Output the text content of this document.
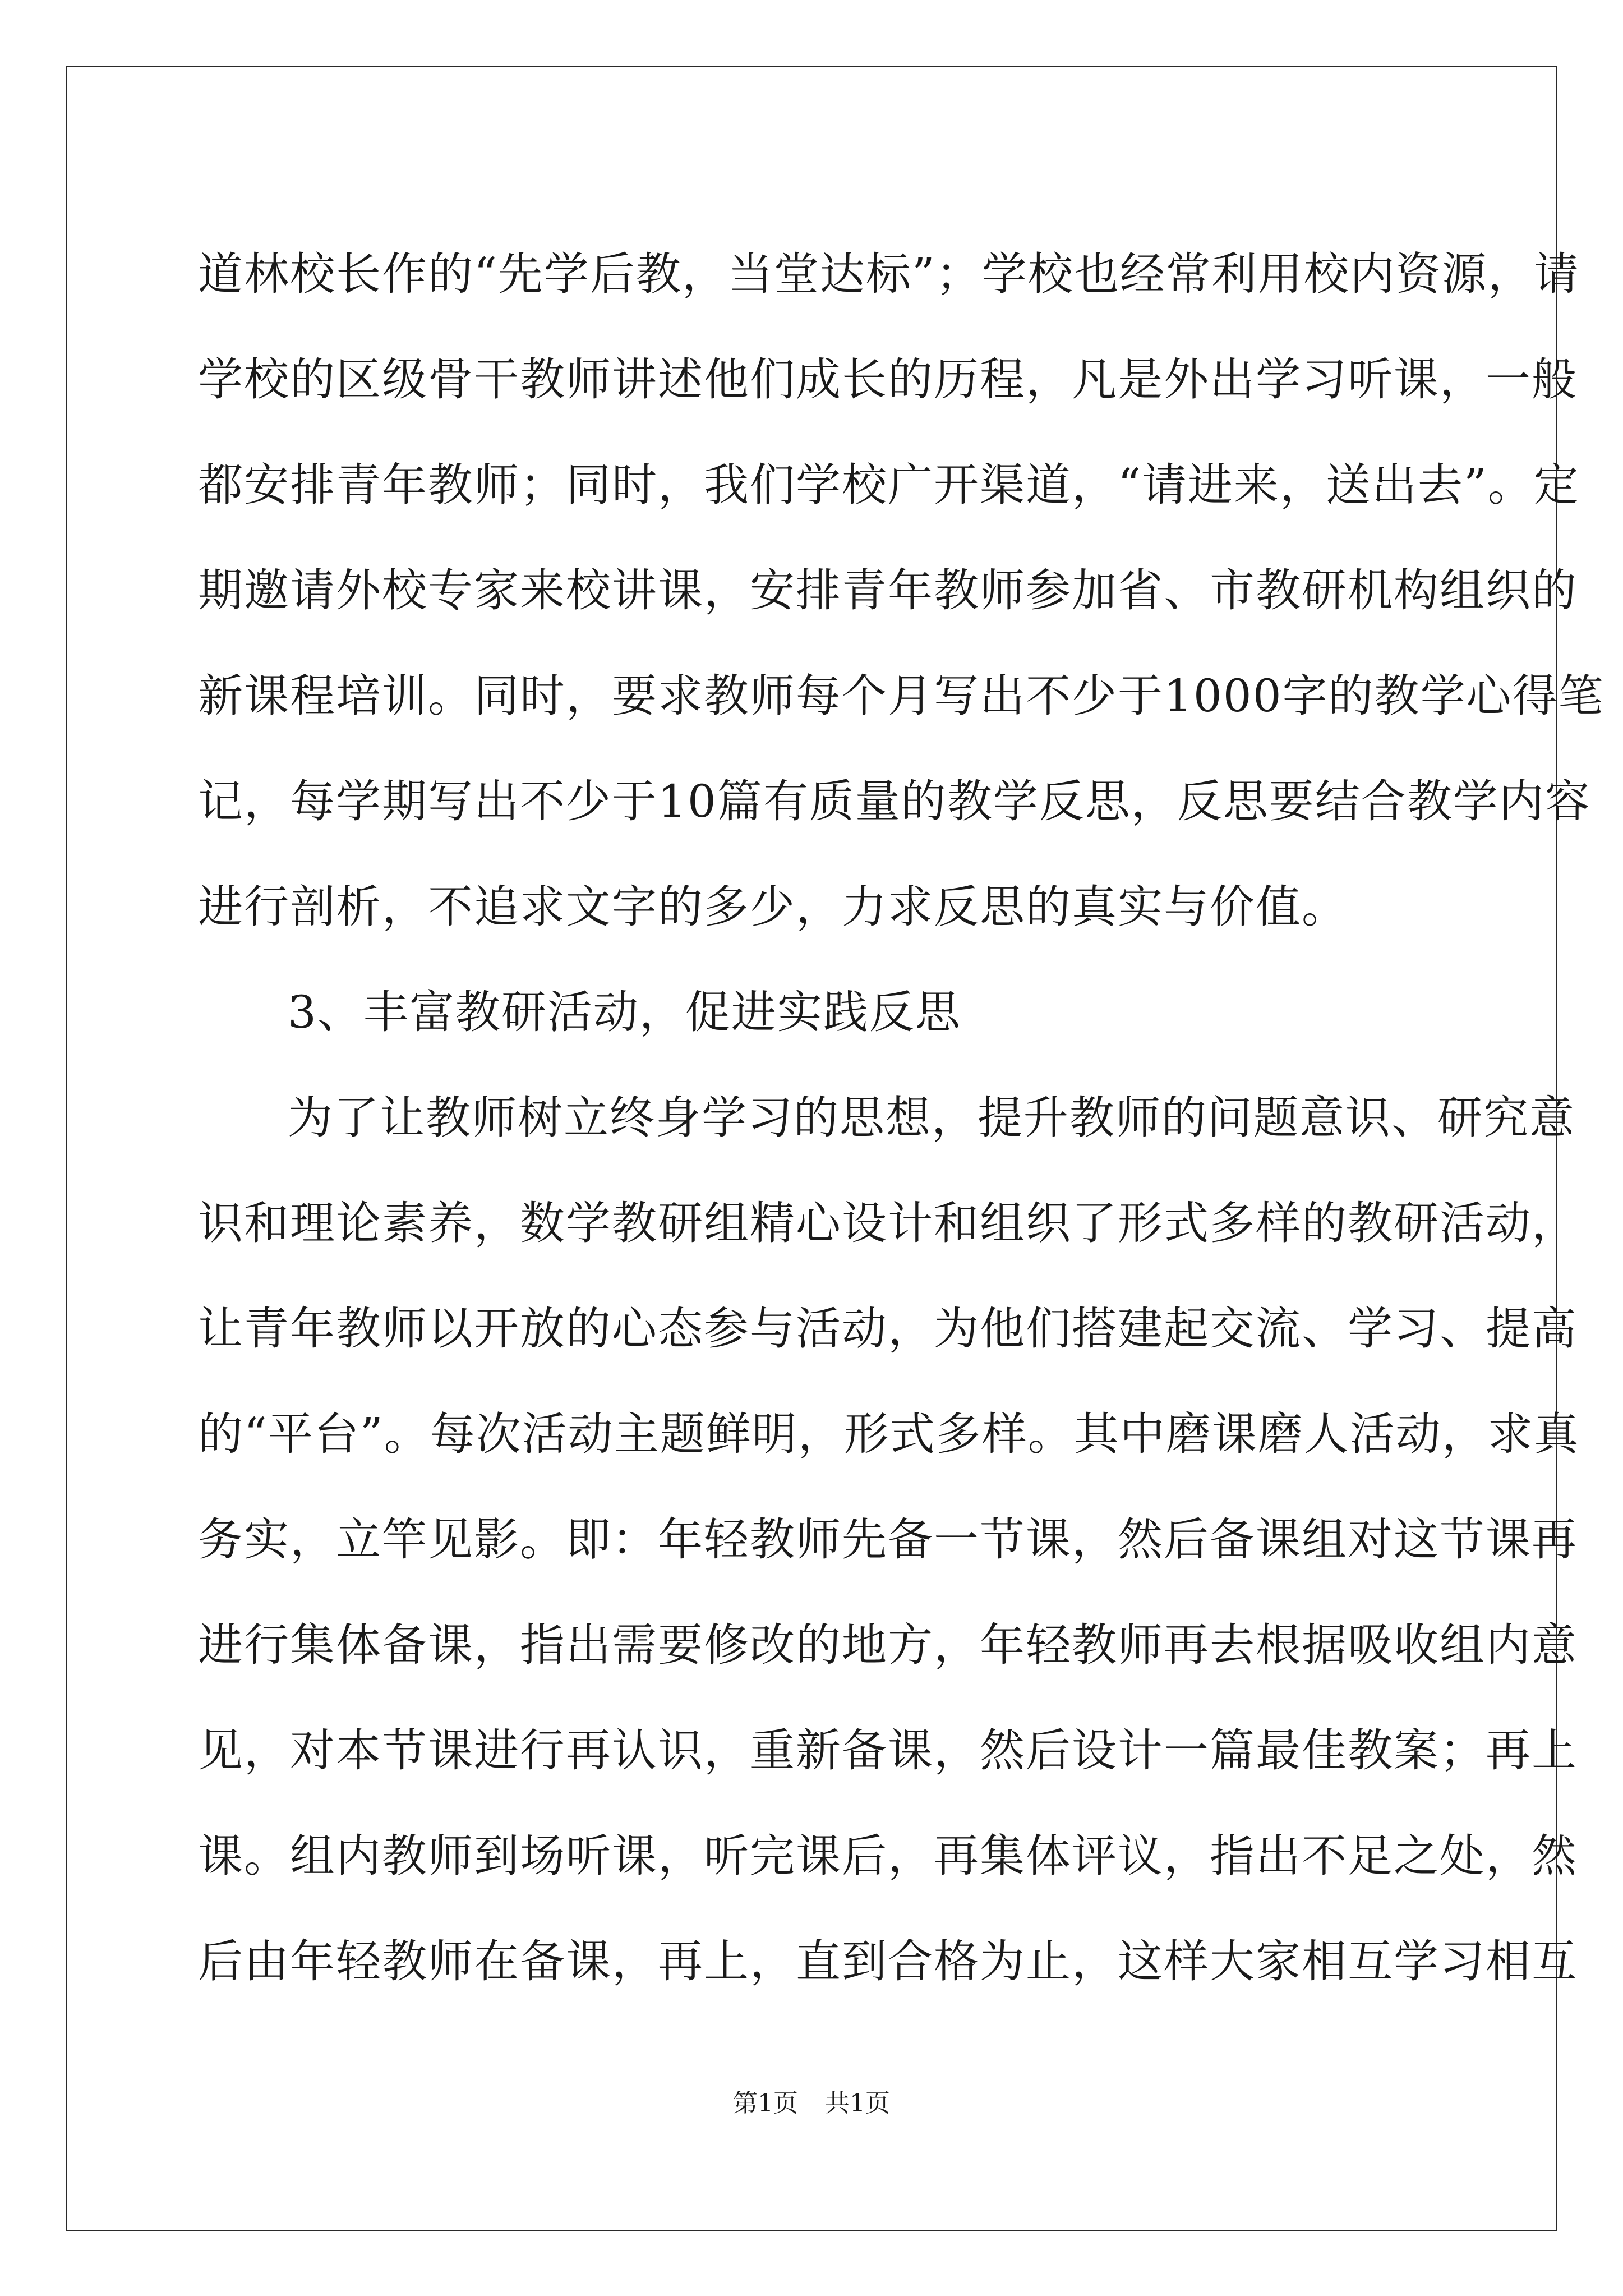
道林校长作的“先学后教，当堂达标”；学校也经常利用校内资源，请
学校的区级骨干教师讲述他们成长的历程，凡是外出学习听课，一般
都安排青年教师；同时，我们学校广开渠道，“请进来，送出去”。定
期邀请外校专家来校讲课，安排青年教师参加省、市教研机构组织的
新课程培训。同时，要求教师每个月写出不少于1000字的教学心得笔
记，每学期写出不少于10篇有质量的教学反思，反思要结合教学内容
进行剖析，不追求文字的多少，力求反思的真实与价值。
3、丰富教研活动，促进实践反思
为了让教师树立终身学习的思想，提升教师的问题意识、研究意
识和理论素养，数学教研组精心设计和组织了形式多样的教研活动，
让青年教师以开放的心态参与活动，为他们搭建起交流、学习、提高
的“平台”。每次活动主题鲜明，形式多样。其中磨课磨人活动，求真
务实，立竿见影。即：年轻教师先备一节课，然后备课组对这节课再
进行集体备课，指出需要修改的地方，年轻教师再去根据吸收组内意
见，对本节课进行再认识，重新备课，然后设计一篇最佳教案；再上
课。组内教师到场听课，听完课后，再集体评议，指出不足之处，然
后由年轻教师在备课，再上，直到合格为止，这样大家相互学习相互
第1页 共1页
